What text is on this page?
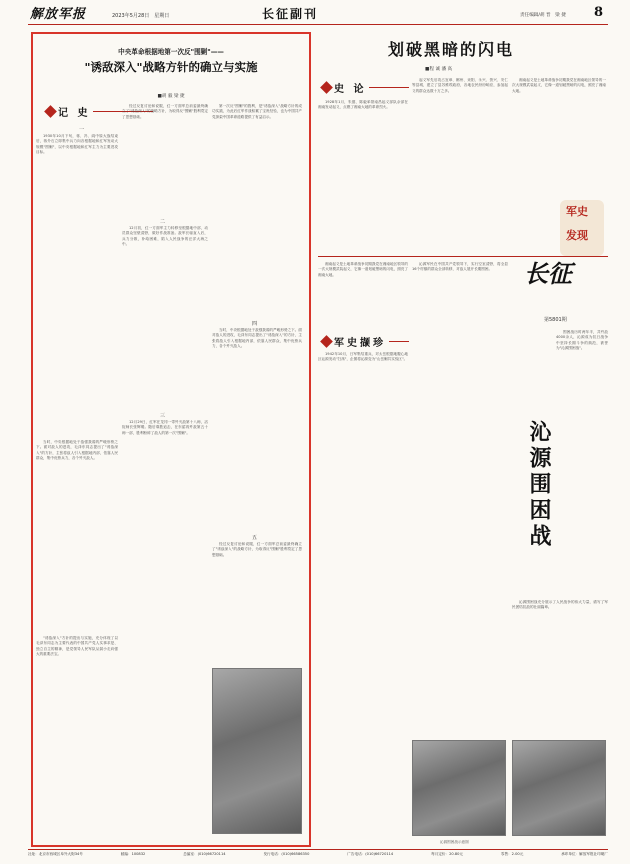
解放军报	2023年5月28日　星期日	长征副刊	责任编辑/胡 晋　梁 捷 8
中央革命根据地第一次反"围剿"——
"诱敌深入"战略方针的确立与实施
■胡 毅 梁 捷
记 史
一
1930年10月下旬，蒋、冯、阎中原大战结束后，蒋介石立即集中兵力向各根据地和红军发动大规模"围剿"，以中央根据地和红军主力为主要进攻目标。
当时，中央根据地处于敌强我弱的严峻形势之下。面对敌人的进攻，毛泽东同志提出了"诱敌深入"的方针，主张将敌人引入根据地内部，依靠人民群众，集中优势兵力，各个歼灭敌人。
"诱敌深入"方针的提出与实施，充分体现了以毛泽东同志为主要代表的中国共产党人实事求是、独立自主的精神，是党领导人民军队从弱小走向强大的重要法宝。
经过反复讨论和说服，红一方面军总前委最终确立了"诱敌深入"的战略方针，为取得反"围剿"胜利奠定了思想基础。
二
12月初，红一方面军主力转移至根据地中部，动员群众坚壁清野，做好作战准备。敌军长驱直入后，兵力分散，补给困难，陷入人民战争的汪洋大海之中。
三
12月29日，红军在龙冈一带歼灭敌第十八师，活捉师长张辉瓒。随后乘胜追击，在东韶再歼敌第五十师一部，胜利粉碎了敌人的第一次"围剿"。
第一次反"围剿"的胜利，是"诱敌深入"战略方针的成功实践，为此后红军作战积累了宝贵经验，也为中国共产党探索中国革命道路提供了有益启示。
四
当时，中央根据地处于敌强我弱的严峻形势之下。面对敌人的进攻，毛泽东同志提出了"诱敌深入"的方针，主张将敌人引入根据地内部，依靠人民群众，集中优势兵力，各个歼灭敌人。
五
经过反复讨论和说服，红一方面军总前委最终确立了"诱敌深入"的战略方针，为取得反"围剿"胜利奠定了思想基础。
划破黑暗的闪电
■程 诚 潘 高
史 论
1928年1月，朱德、陈毅率领南昌起义部队余部在湘南发动起义，点燃了湘南大地的革命烈火。
起义军先后攻占宜章、郴州、耒阳、永兴、资兴、安仁等县城，建立了县苏维埃政府，各地农民纷纷响应，参加起义的群众达数十万之多。
湘南起义是土地革命战争初期我党在湘南地区领导的一次大规模武装起义，它像一道划破黑暗的闪电，照亮了湘南大地。
军史
发现
军史撷珍
湘南起义是土地革命战争初期我党在湘南地区领导的一次大规模武装起义，它像一道划破黑暗的闪电，照亮了湘南大地。
1942年10月，日军集结重兵，对太岳根据地腹心地区沁源发动"扫荡"，企图将沁源变为"山岳剿共实验区"。
沁源军民在中国共产党领导下，实行空室清野，将全县16个村镇的群众全部转移，对敌人展开长期围困。
沁源围困战示意图
长征
第5801期
沁源围困战
围困战历时两年半，共歼敌4000余人，沁源成为抗日战争中坚持长期斗争的典范，被誉为"沁源围困战"。
沁源围困战充分展示了人民战争的伟大力量，谱写了军民团结抗敌的壮丽篇章。
社址：北京市西城区阜外大街34号	邮编：100832	总编室：(010)66720114	发行电话：(010)66586350	广告电话：(010)66720114	每月定价：20.80元	零售：2.00元	承印单位：解放军报社印刷厂
